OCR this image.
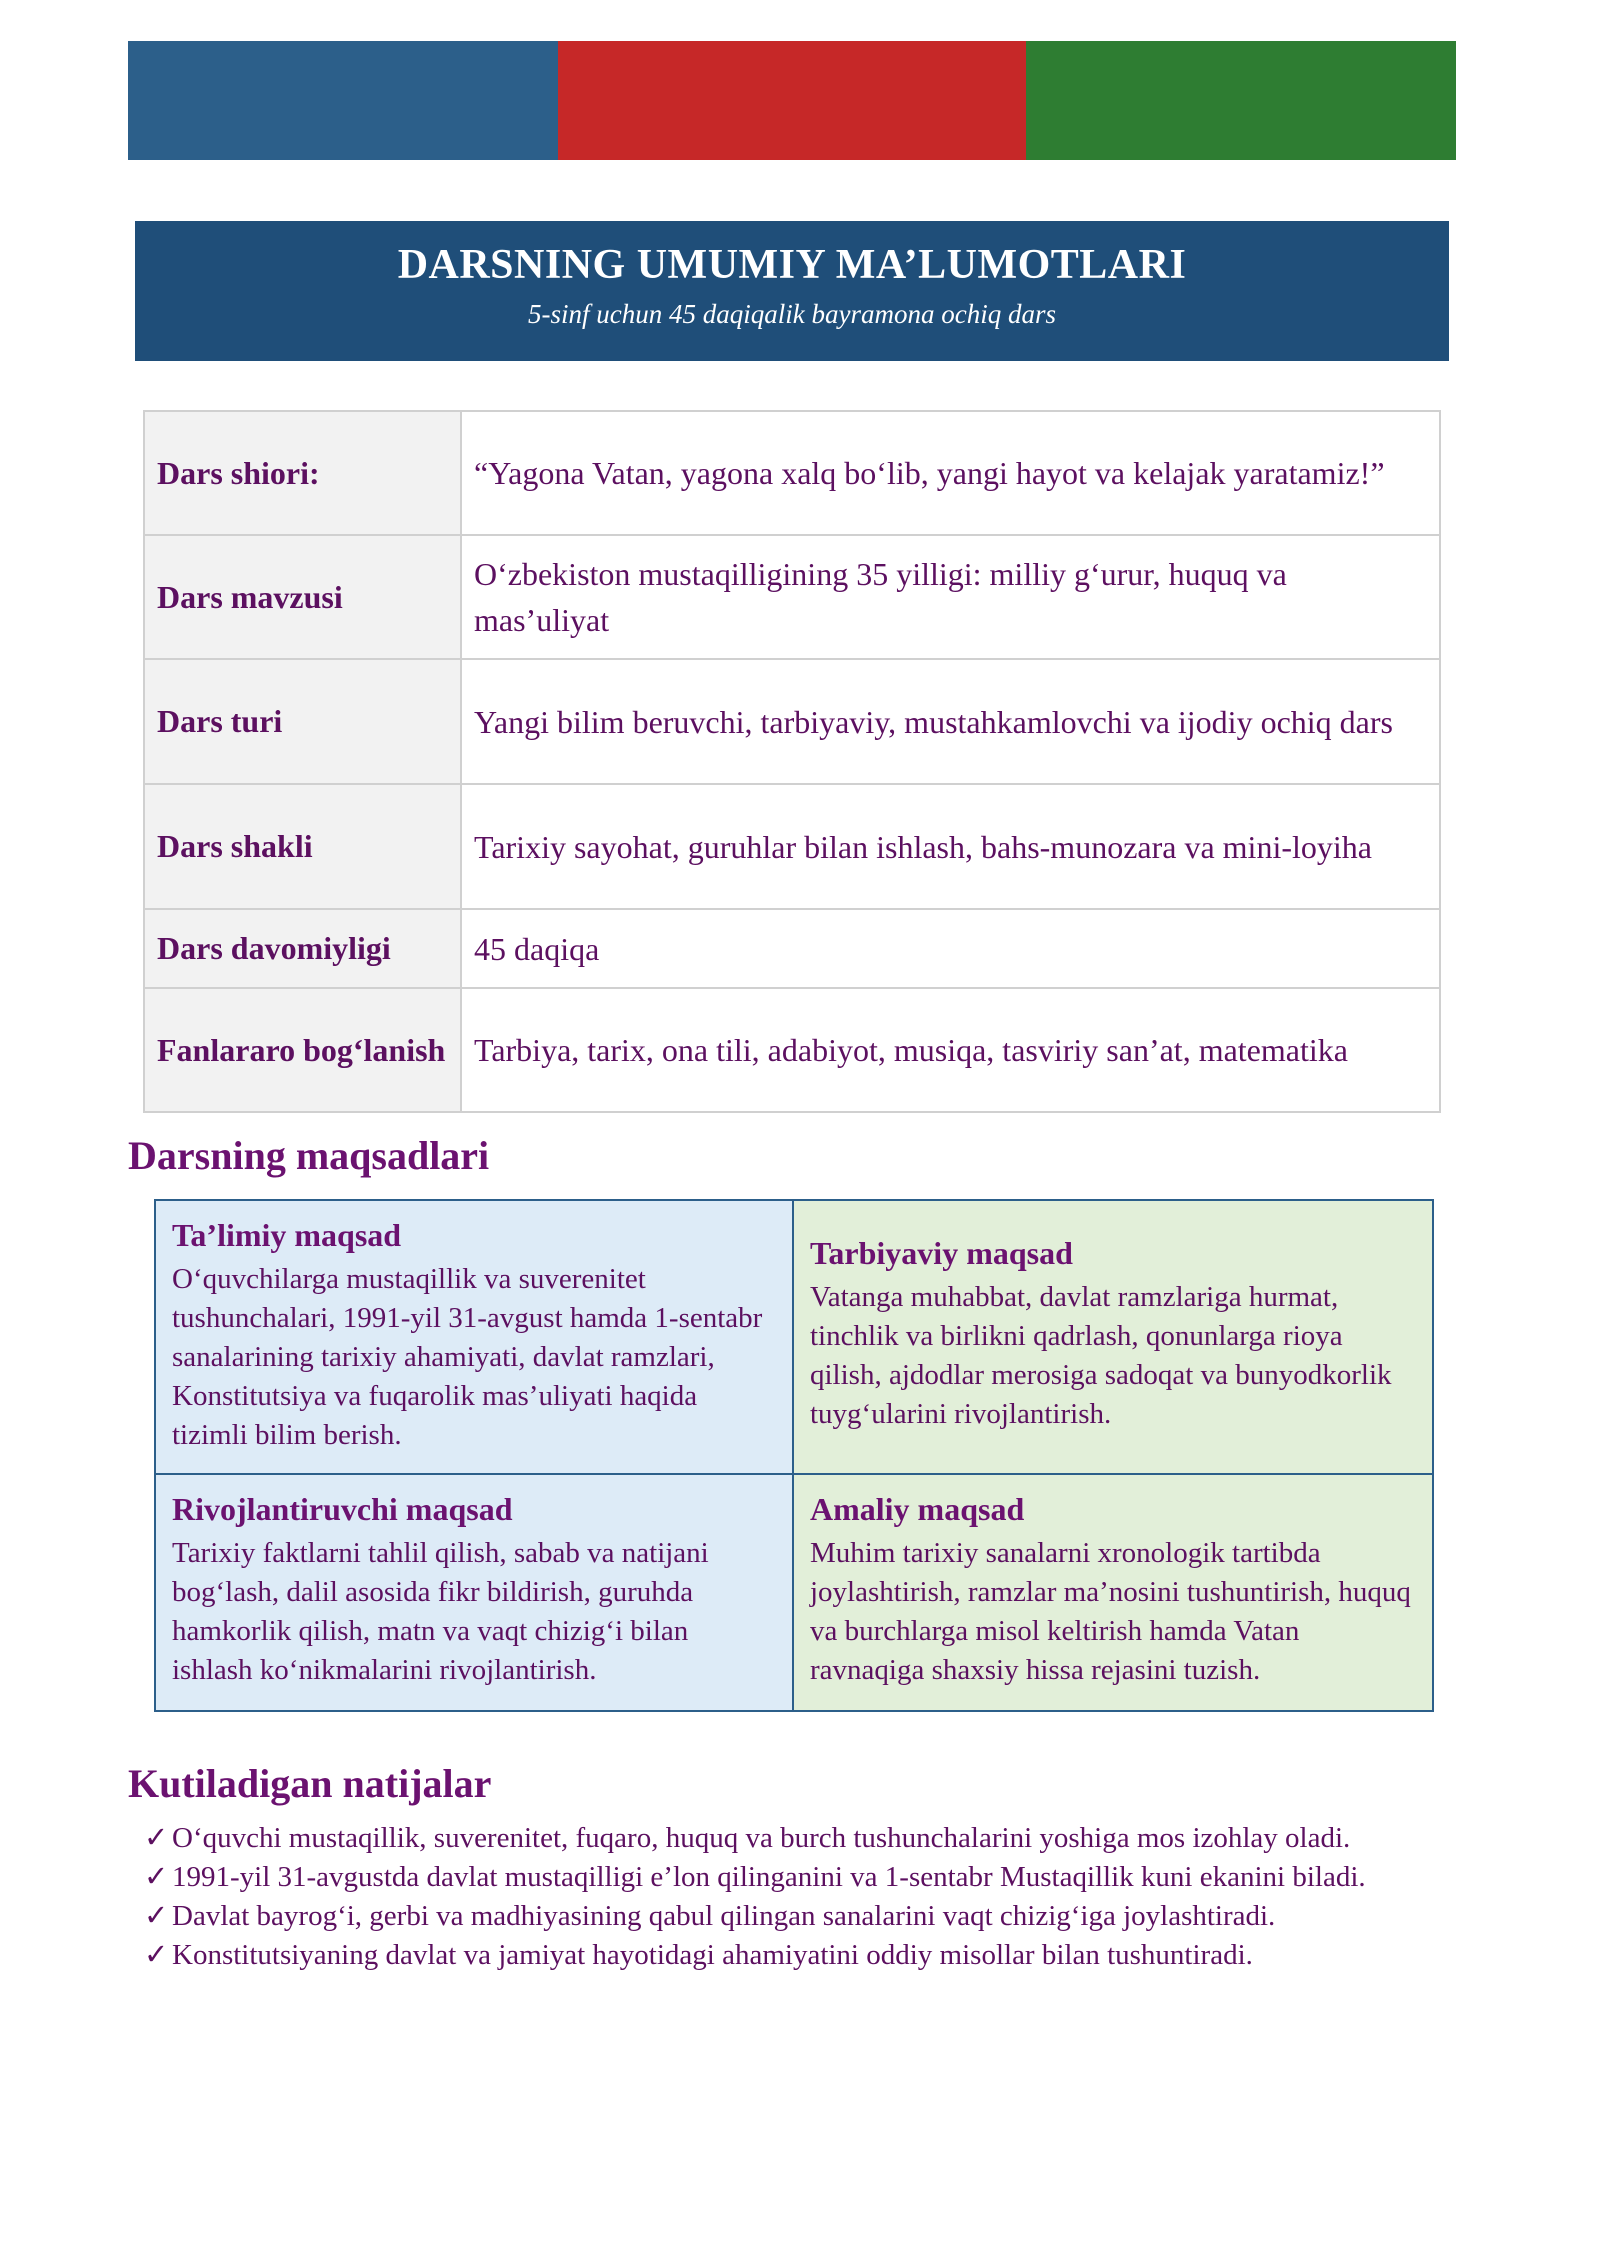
DARSNING UMUMIY MA’LUMOTLARI
5-sinf uchun 45 daqiqalik bayramona ochiq dars
Dars shiori:	“Yagona Vatan, yagona xalq bo‘lib, yangi hayot va kelajak yaratamiz!”
Dars mavzusi	O‘zbekiston mustaqilligining 35 yilligi: milliy g‘urur, huquq va mas’uliyat
Dars turi	Yangi bilim beruvchi, tarbiyaviy, mustahkamlovchi va ijodiy ochiq dars
Dars shakli	Tarixiy sayohat, guruhlar bilan ishlash, bahs-munozara va mini-loyiha
Dars davomiyligi	45 daqiqa
Fanlararo bog‘lanish	Tarbiya, tarix, ona tili, adabiyot, musiqa, tasviriy san’at, matematika
Darsning maqsadlari
Ta’limiy maqsad

O‘quvchilarga mustaqillik va suverenitet tushunchalari, 1991-yil 31-avgust hamda 1-sentabr sanalarining tarixiy ahamiyati, davlat ramzlari, Konstitutsiya va fuqarolik mas’uliyati haqida tizimli bilim berish.

Tarbiyaviy maqsad

Vatanga muhabbat, davlat ramzlariga hurmat, tinchlik va birlikni qadrlash, qonunlarga rioya qilish, ajdodlar merosiga sadoqat va bunyodkorlik tuyg‘ularini rivojlantirish.

Rivojlantiruvchi maqsad

Tarixiy faktlarni tahlil qilish, sabab va natijani bog‘lash, dalil asosida fikr bildirish, guruhda hamkorlik qilish, matn va vaqt chizig‘i bilan ishlash ko‘nikmalarini rivojlantirish.

Amaliy maqsad

Muhim tarixiy sanalarni xronologik tartibda joylashtirish, ramzlar ma’nosini tushuntirish, huquq va burchlarga misol keltirish hamda Vatan ravnaqiga shaxsiy hissa rejasini tuzish.

Kutiladigan natijalar
✓ O‘quvchi mustaqillik, suverenitet, fuqaro, huquq va burch tushunchalarini yoshiga mos izohlay oladi.
✓ 1991-yil 31-avgustda davlat mustaqilligi e’lon qilinganini va 1-sentabr Mustaqillik kuni ekanini biladi.
✓ Davlat bayrog‘i, gerbi va madhiyasining qabul qilingan sanalarini vaqt chizig‘iga joylashtiradi.
✓ Konstitutsiyaning davlat va jamiyat hayotidagi ahamiyatini oddiy misollar bilan tushuntiradi.
